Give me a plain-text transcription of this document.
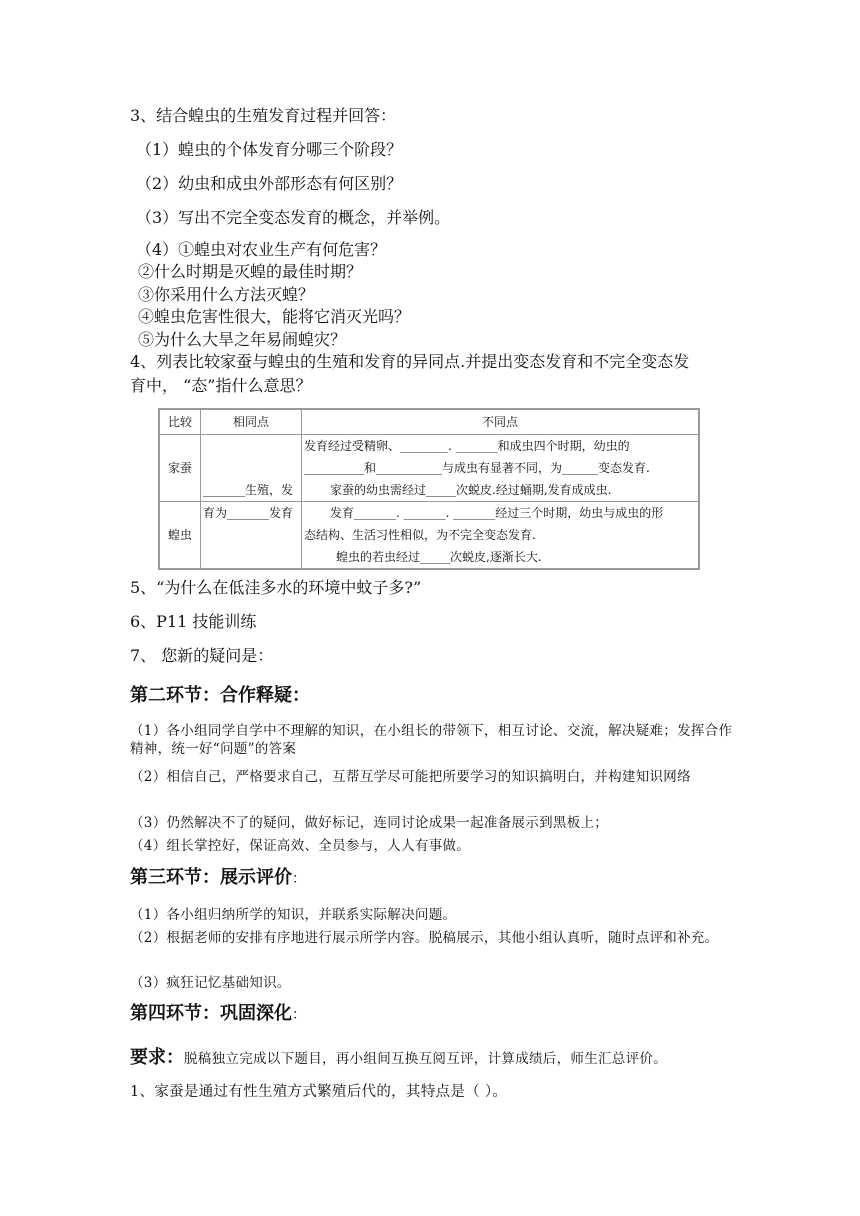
3、结合蝗虫的生殖发育过程并回答：
（1）蝗虫的个体发育分哪三个阶段？
（2）幼虫和成虫外部形态有何区别？
（3）写出不完全变态发育的概念，并举例。
（4）①蝗虫对农业生产有何危害？
②什么时期是灭蝗的最佳时期？
③你采用什么方法灭蝗？
④蝗虫危害性很大，能将它消灭光吗？
⑤为什么大旱之年易闹蝗灾？
4、列表比较家蚕与蝗虫的生殖和发育的异同点.并提出变态发育和不完全变态发
育中， “态”指什么意思？
比较	相同点	不同点
家蚕	_______生殖，发	发育经过受精卵、________. _______和成虫四个时期，幼虫的
__________和___________与成虫有显著不同，为______变态发育.
家蚕的幼虫需经过_____次蜕皮.经过蛹期,发育成成虫.

蝗虫	育为_______发育	发育_______. _______. _______经过三个时期，幼虫与成虫的形
态结构、生活习性相似，为不完全变态发育.
蝗虫的若虫经过_____次蜕皮,逐渐长大.
5、“为什么在低洼多水的环境中蚊子多?”
6、P11 技能训练
7、 您新的疑问是：
第二环节：合作释疑：
（1）各小组同学自学中不理解的知识，在小组长的带领下，相互讨论、交流，解决疑难；发挥合作精神，统一好“问题”的答案
（2）相信自己，严格要求自己，互帮互学尽可能把所要学习的知识搞明白，并构建知识网络
（3）仍然解决不了的疑问，做好标记，连同讨论成果一起准备展示到黑板上；
（4）组长掌控好，保证高效、全员参与，人人有事做。
第三环节：展示评价：
（1）各小组归纳所学的知识，并联系实际解决问题。
（2）根据老师的安排有序地进行展示所学内容。脱稿展示，其他小组认真听，随时点评和补充。
（3）疯狂记忆基础知识。
第四环节：巩固深化：
要求：脱稿独立完成以下题目，再小组间互换互阅互评，计算成绩后，师生汇总评价。
1、家蚕是通过有性生殖方式繁殖后代的，其特点是（ ）。
